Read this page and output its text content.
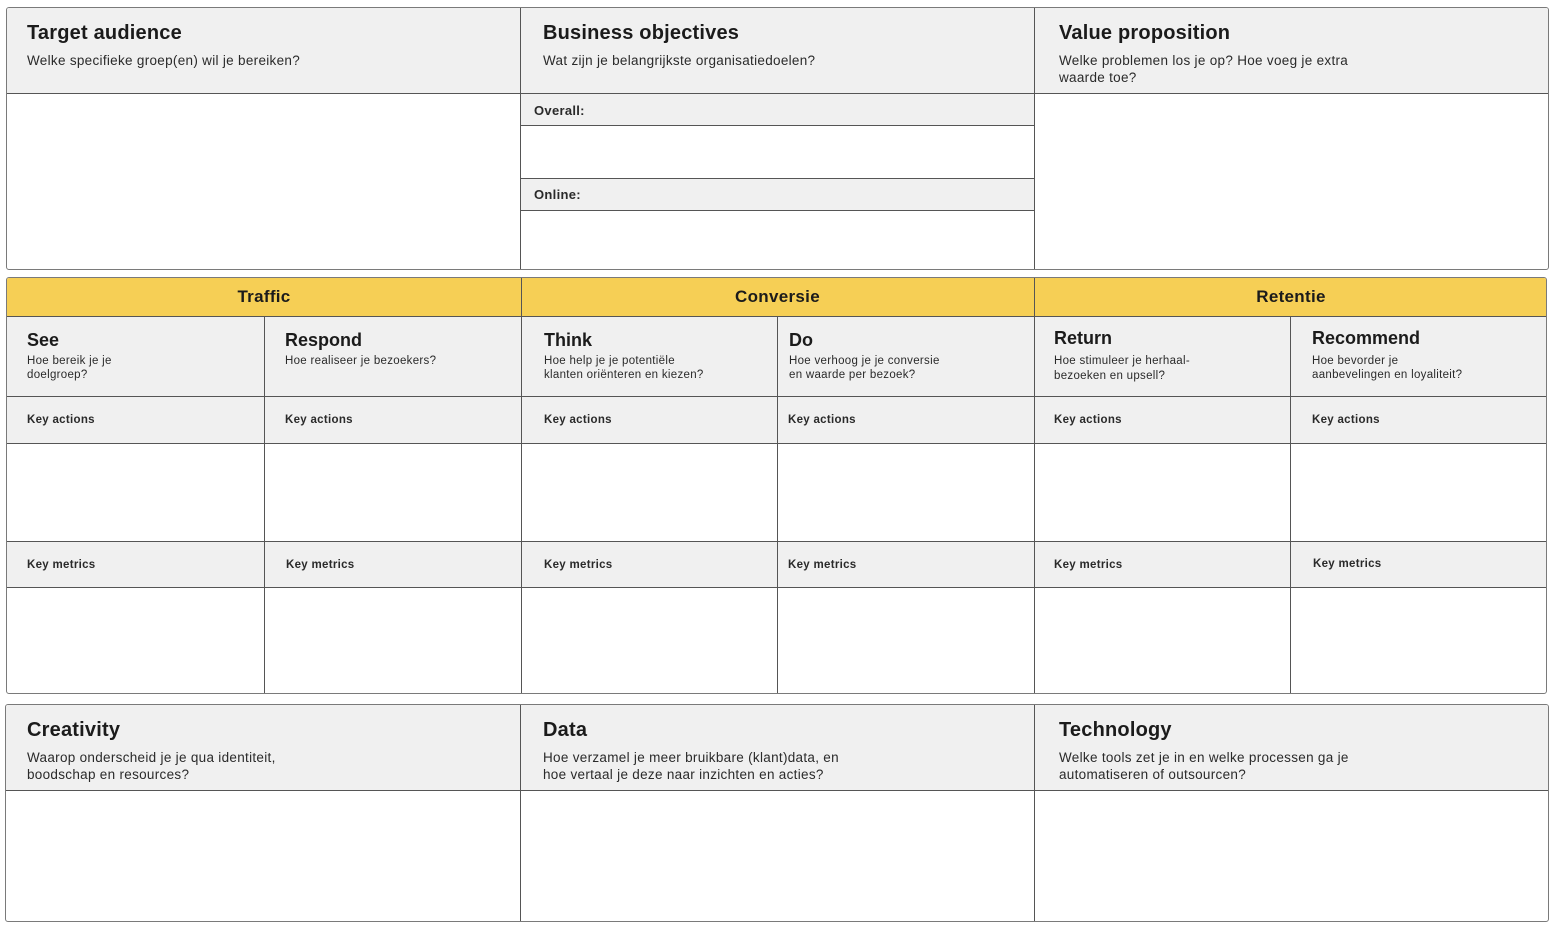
Target audience
Welke specifieke groep(en) wil je bereiken?
Business objectives
Wat zijn je belangrijkste organisatiedoelen?
Overall:
Online:
Value proposition
Welke problemen los je op? Hoe voeg je extra
waarde toe?
Traffic	Conversie	Retentie
See
Hoe bereik je je
doelgroep?
Key actions
Key metrics
Respond
Hoe realiseer je bezoekers?
Key actions
Key metrics
Think
Hoe help je je potentiële
klanten oriënteren en kiezen?
Key actions
Key metrics
Do
Hoe verhoog je je conversie
en waarde per bezoek?
Key actions
Key metrics
Return
Hoe stimuleer je herhaal-
bezoeken en upsell?
Key actions
Key metrics
Recommend
Hoe bevorder je
aanbevelingen en loyaliteit?
Key actions
Key metrics
Creativity
Waarop onderscheid je je qua identiteit,
boodschap en resources?
Data
Hoe verzamel je meer bruikbare (klant)data, en
hoe vertaal je deze naar inzichten en acties?
Technology
Welke tools zet je in en welke processen ga je
automatiseren of outsourcen?
